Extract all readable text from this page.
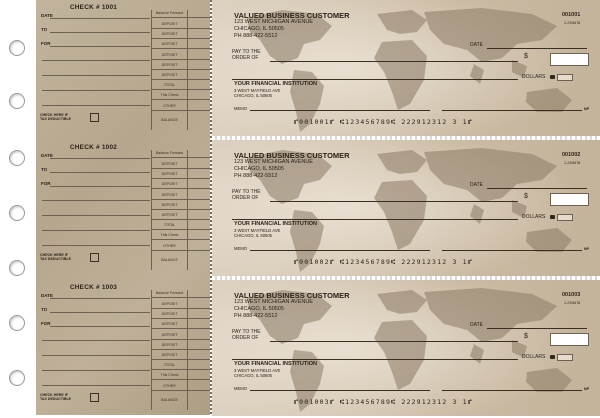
CHECK # 1001
DATE
TO
FOR
Balance Forward
DEPOSIT
DEPOSIT
DEPOSIT
DEPOSIT
DEPOSIT
DEPOSIT
TOTAL
This Check
OTHER
CHECK HERE IF
TAX DEDUCTIBLE	BALANCE
CHECK # 1002
DATE
TO
FOR
Balance Forward
DEPOSIT
DEPOSIT
DEPOSIT
DEPOSIT
DEPOSIT
DEPOSIT
TOTAL
This Check
OTHER
CHECK HERE IF
TAX DEDUCTIBLE	BALANCE
CHECK # 1003
DATE
TO
FOR
Balance Forward
DEPOSIT
DEPOSIT
DEPOSIT
DEPOSIT
DEPOSIT
DEPOSIT
TOTAL
This Check
OTHER
CHECK HERE IF
TAX DEDUCTIBLE	BALANCE
VALUED BUSINESS CUSTOMER
123 WEST MICHIGAN AVENUE
CHICAGO, IL 50505
PH 888-422-5512
001001
1-23/5678
DATE
PAY TO THE
ORDER OF	$
DOLLARS
YOUR FINANCIAL INSTITUTION
3 WEST MAYFIELD AVE
CHICAGO, IL 50505
MEMO	MP
⑈001001⑈ ⑆123456789⑆ 222912312 3 1⑈
VALUED BUSINESS CUSTOMER
123 WEST MICHIGAN AVENUE
CHICAGO, IL 50505
PH 888-422-5512
001002
1-23/5678
DATE
PAY TO THE
ORDER OF	$
DOLLARS
YOUR FINANCIAL INSTITUTION
3 WEST MAYFIELD AVE
CHICAGO, IL 50505
MEMO	MP
⑈001002⑈ ⑆123456789⑆ 222912312 3 1⑈
VALUED BUSINESS CUSTOMER
123 WEST MICHIGAN AVENUE
CHICAGO, IL 50505
PH 888-422-5512
001003
1-23/5678
DATE
PAY TO THE
ORDER OF	$
DOLLARS
YOUR FINANCIAL INSTITUTION
3 WEST MAYFIELD AVE
CHICAGO, IL 50505
MEMO	MP
⑈001003⑈ ⑆123456789⑆ 222912312 3 1⑈
